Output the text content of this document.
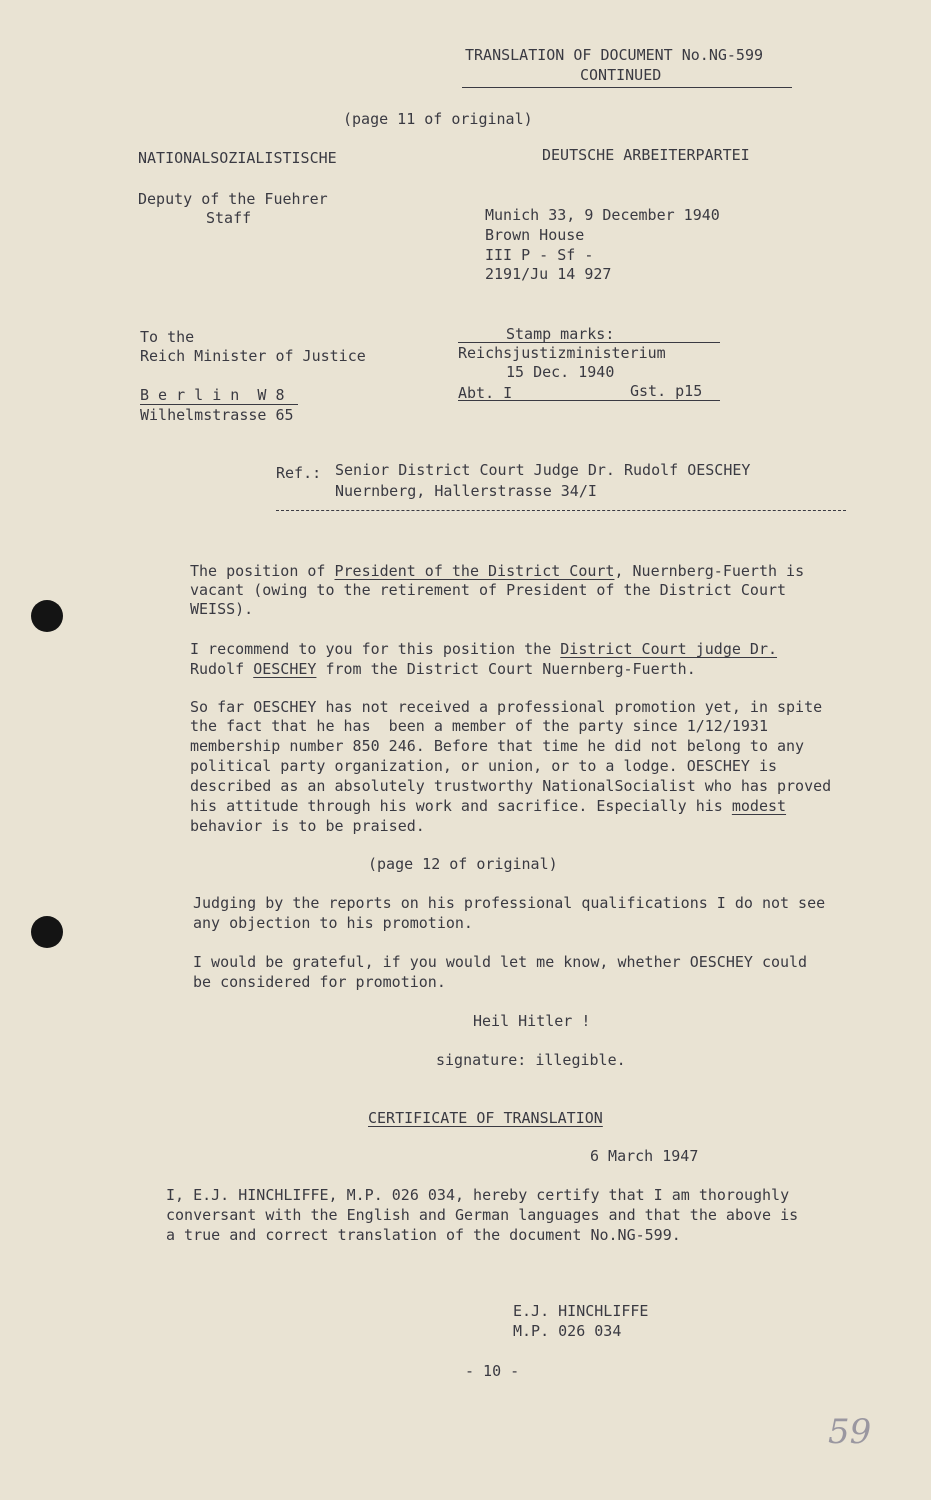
TRANSLATION OF DOCUMENT No.NG-599
CONTINUED
(page 11 of original)
NATIONALSOZIALISTISCHE	DEUTSCHE ARBEITERPARTEI
Deputy of the Fuehrer
Staff	Munich 33, 9 December 1940
Brown House
III P - Sf -
2191/Ju 14 927
To the
Reich Minister of Justice
B e r l i n  W 8
Wilhelmstrasse 65
Stamp marks:
Reichsjustizministerium
15 Dec. 1940
Abt. I	Gst. p15
Ref.: Senior District Court Judge Dr. Rudolf OESCHEY
Nuernberg, Hallerstrasse 34/I
The position of President of the District Court, Nuernberg-Fuerth is
vacant (owing to the retirement of President of the District Court
WEISS).
I recommend to you for this position the District Court judge Dr.
Rudolf OESCHEY from the District Court Nuernberg-Fuerth.
So far OESCHEY has not received a professional promotion yet, in spite
the fact that he has  been a member of the party since 1/12/1931
membership number 850 246. Before that time he did not belong to any
political party organization, or union, or to a lodge. OESCHEY is
described as an absolutely trustworthy NationalSocialist who has proved
his attitude through his work and sacrifice. Especially his modest
behavior is to be praised.
(page 12 of original)
Judging by the reports on his professional qualifications I do not see
any objection to his promotion.
I would be grateful, if you would let me know, whether OESCHEY could
be considered for promotion.
Heil Hitler !
signature: illegible.
CERTIFICATE OF TRANSLATION
6 March 1947
I, E.J. HINCHLIFFE, M.P. 026 034, hereby certify that I am thoroughly
conversant with the English and German languages and that the above is
a true and correct translation of the document No.NG-599.
E.J. HINCHLIFFE
M.P. 026 034
- 10 -
59
